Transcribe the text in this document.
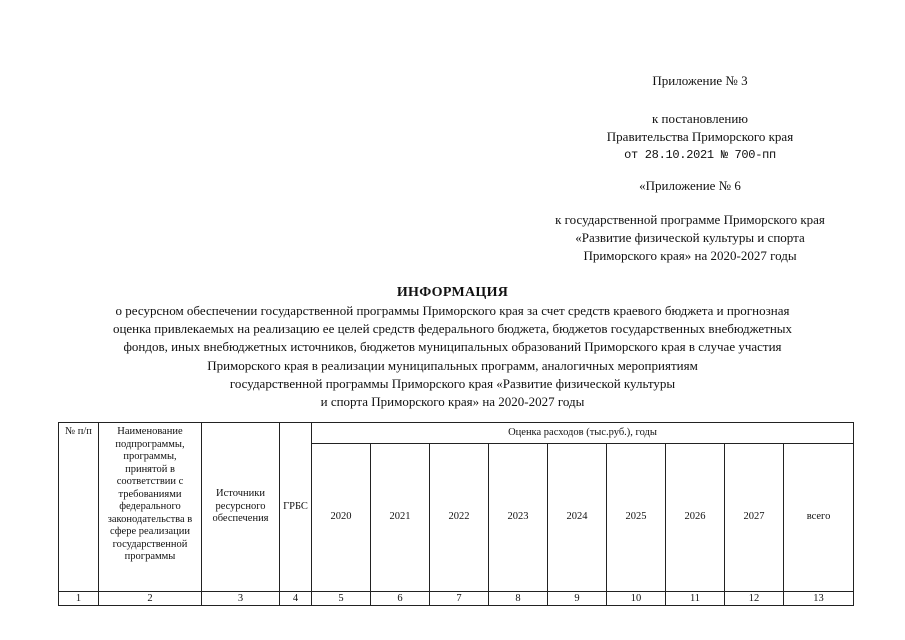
Приложение № 3
к постановлению
Правительства Приморского края
от 28.10.2021 № 700-пп
«Приложение № 6
к государственной программе Приморского края
«Развитие физической культуры и спорта
Приморского края» на 2020-2027 годы
ИНФОРМАЦИЯ
о ресурсном обеспечении государственной программы Приморского края за счет средств краевого бюджета и прогнозная
оценка привлекаемых на реализацию ее целей средств федерального бюджета, бюджетов государственных внебюджетных
фондов, иных внебюджетных источников, бюджетов муниципальных образований Приморского края в случае участия
Приморского края в реализации муниципальных программ, аналогичных мероприятиям
государственной программы Приморского края «Развитие физической культуры
и спорта Приморского края» на 2020-2027 годы
№ п/п	Наименование подпрограммы, программы, принятой в соответствии с требованиями федерального законодательства в сфере реализации государственной программы	Источники ресурсного обеспечения	ГРБС	Оценка расходов (тыс.руб.), годы								
				2020	2021	2022	2023	2024	2025	2026	2027	всего
1	2	3	4	5	6	7	8	9	10	11	12	13
